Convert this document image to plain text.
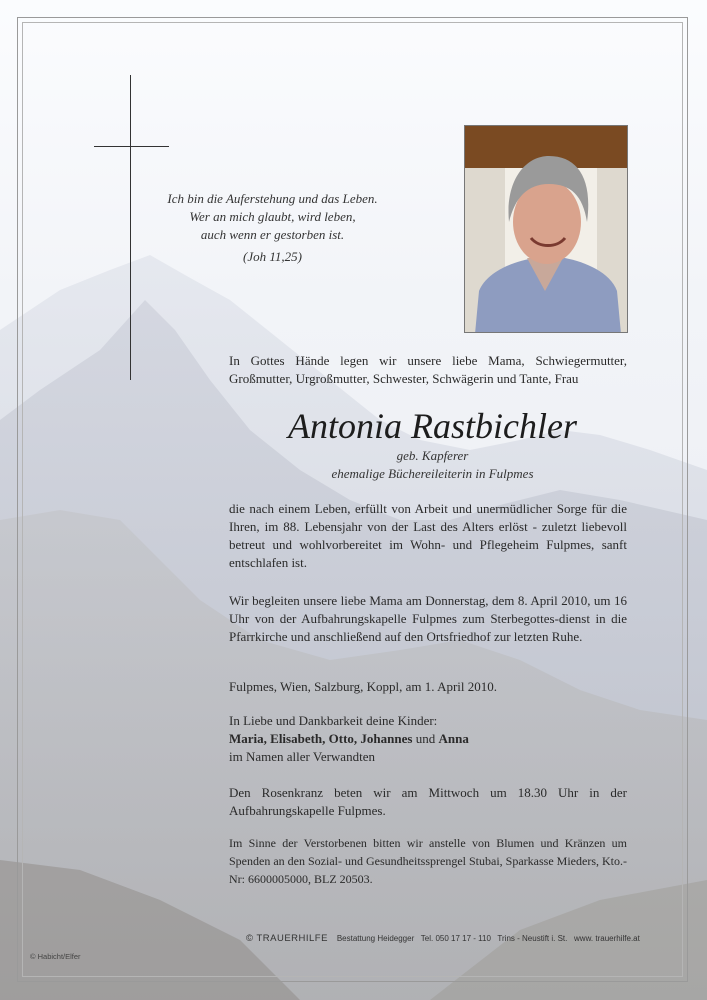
Ich bin die Auferstehung und das Leben.
Wer an mich glaubt, wird leben,
auch wenn er gestorben ist.
(Joh 11,25)
In Gottes Hände legen wir unsere liebe Mama, Schwiegermutter, Großmutter, Urgroßmutter, Schwester, Schwägerin und Tante, Frau
Antonia Rastbichler
geb. Kapferer
ehemalige Büchereileiterin in Fulpmes
die nach einem Leben, erfüllt von Arbeit und unermüdlicher Sorge für die Ihren, im 88. Lebensjahr von der Last des Alters erlöst - zuletzt liebevoll betreut und wohlvorbereitet im Wohn- und Pflegeheim Fulpmes, sanft entschlafen ist.
Wir begleiten unsere liebe Mama am Donnerstag, dem 8. April 2010, um 16 Uhr von der Aufbahrungskapelle Fulpmes zum Sterbegottes-dienst in die Pfarrkirche und anschließend auf den Ortsfriedhof zur letzten Ruhe.
Fulpmes, Wien, Salzburg, Koppl, am 1. April 2010.
In Liebe und Dankbarkeit deine Kinder:
Maria, Elisabeth, Otto, Johannes und Anna
im Namen aller Verwandten
Den Rosenkranz beten wir am Mittwoch um 18.30 Uhr in der Aufbahrungskapelle Fulpmes.
Im Sinne der Verstorbenen bitten wir anstelle von Blumen und Kränzen um Spenden an den Sozial- und Gesundheitssprengel Stubai, Sparkasse Mieders, Kto.-Nr: 6600005000, BLZ 20503.
© TRAUERHILFE Bestattung Heidegger Tel. 050 17 17 - 110 Trins - Neustift i. St. www. trauerhilfe.at
© Habicht/Elfer
